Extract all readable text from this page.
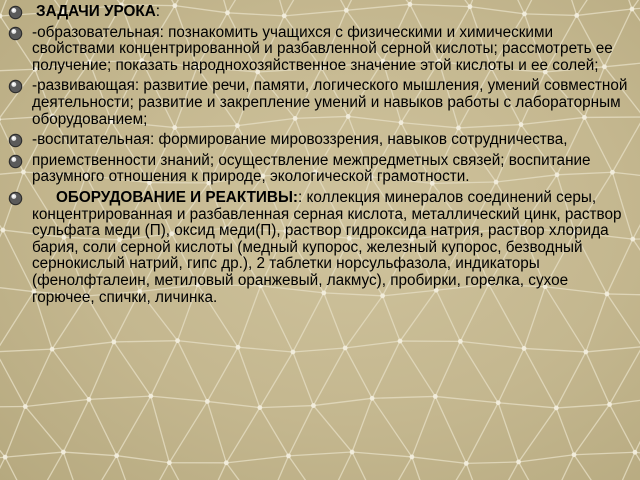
ЗАДАЧИ УРОКА:
-образовательная: познакомить учащихся с физическими и химическими свойствами концентрированной и разбавленной серной кислоты; рассмотреть ее получение; показать народнохозяйственное значение этой кислоты и ее солей;
-развивающая: развитие речи, памяти, логического мышления, умений совместной деятельности; развитие и закрепление умений и навыков работы с лабораторным оборудованием;
-воспитательная: формирование мировоззрения, навыков сотрудничества,
приемственности знаний; осуществление межпредметных связей; воспитание разумного отношения к природе, экологической грамотности.
ОБОРУДОВАНИЕ И РЕАКТИВЫ:: коллекция минералов соединений серы, концентрированная и разбавленная серная кислота, металлический цинк, раствор сульфата меди (П), оксид меди(П), раствор гидроксида натрия, раствор хлорида бария, соли серной кислоты (медный купорос, железный купорос, безводный сернокислый натрий, гипс др.), 2 таблетки норсульфазола, индикаторы (фенолфталеин, метиловый оранжевый, лакмус), пробирки, горелка, сухое горючее, спички, личинка.
